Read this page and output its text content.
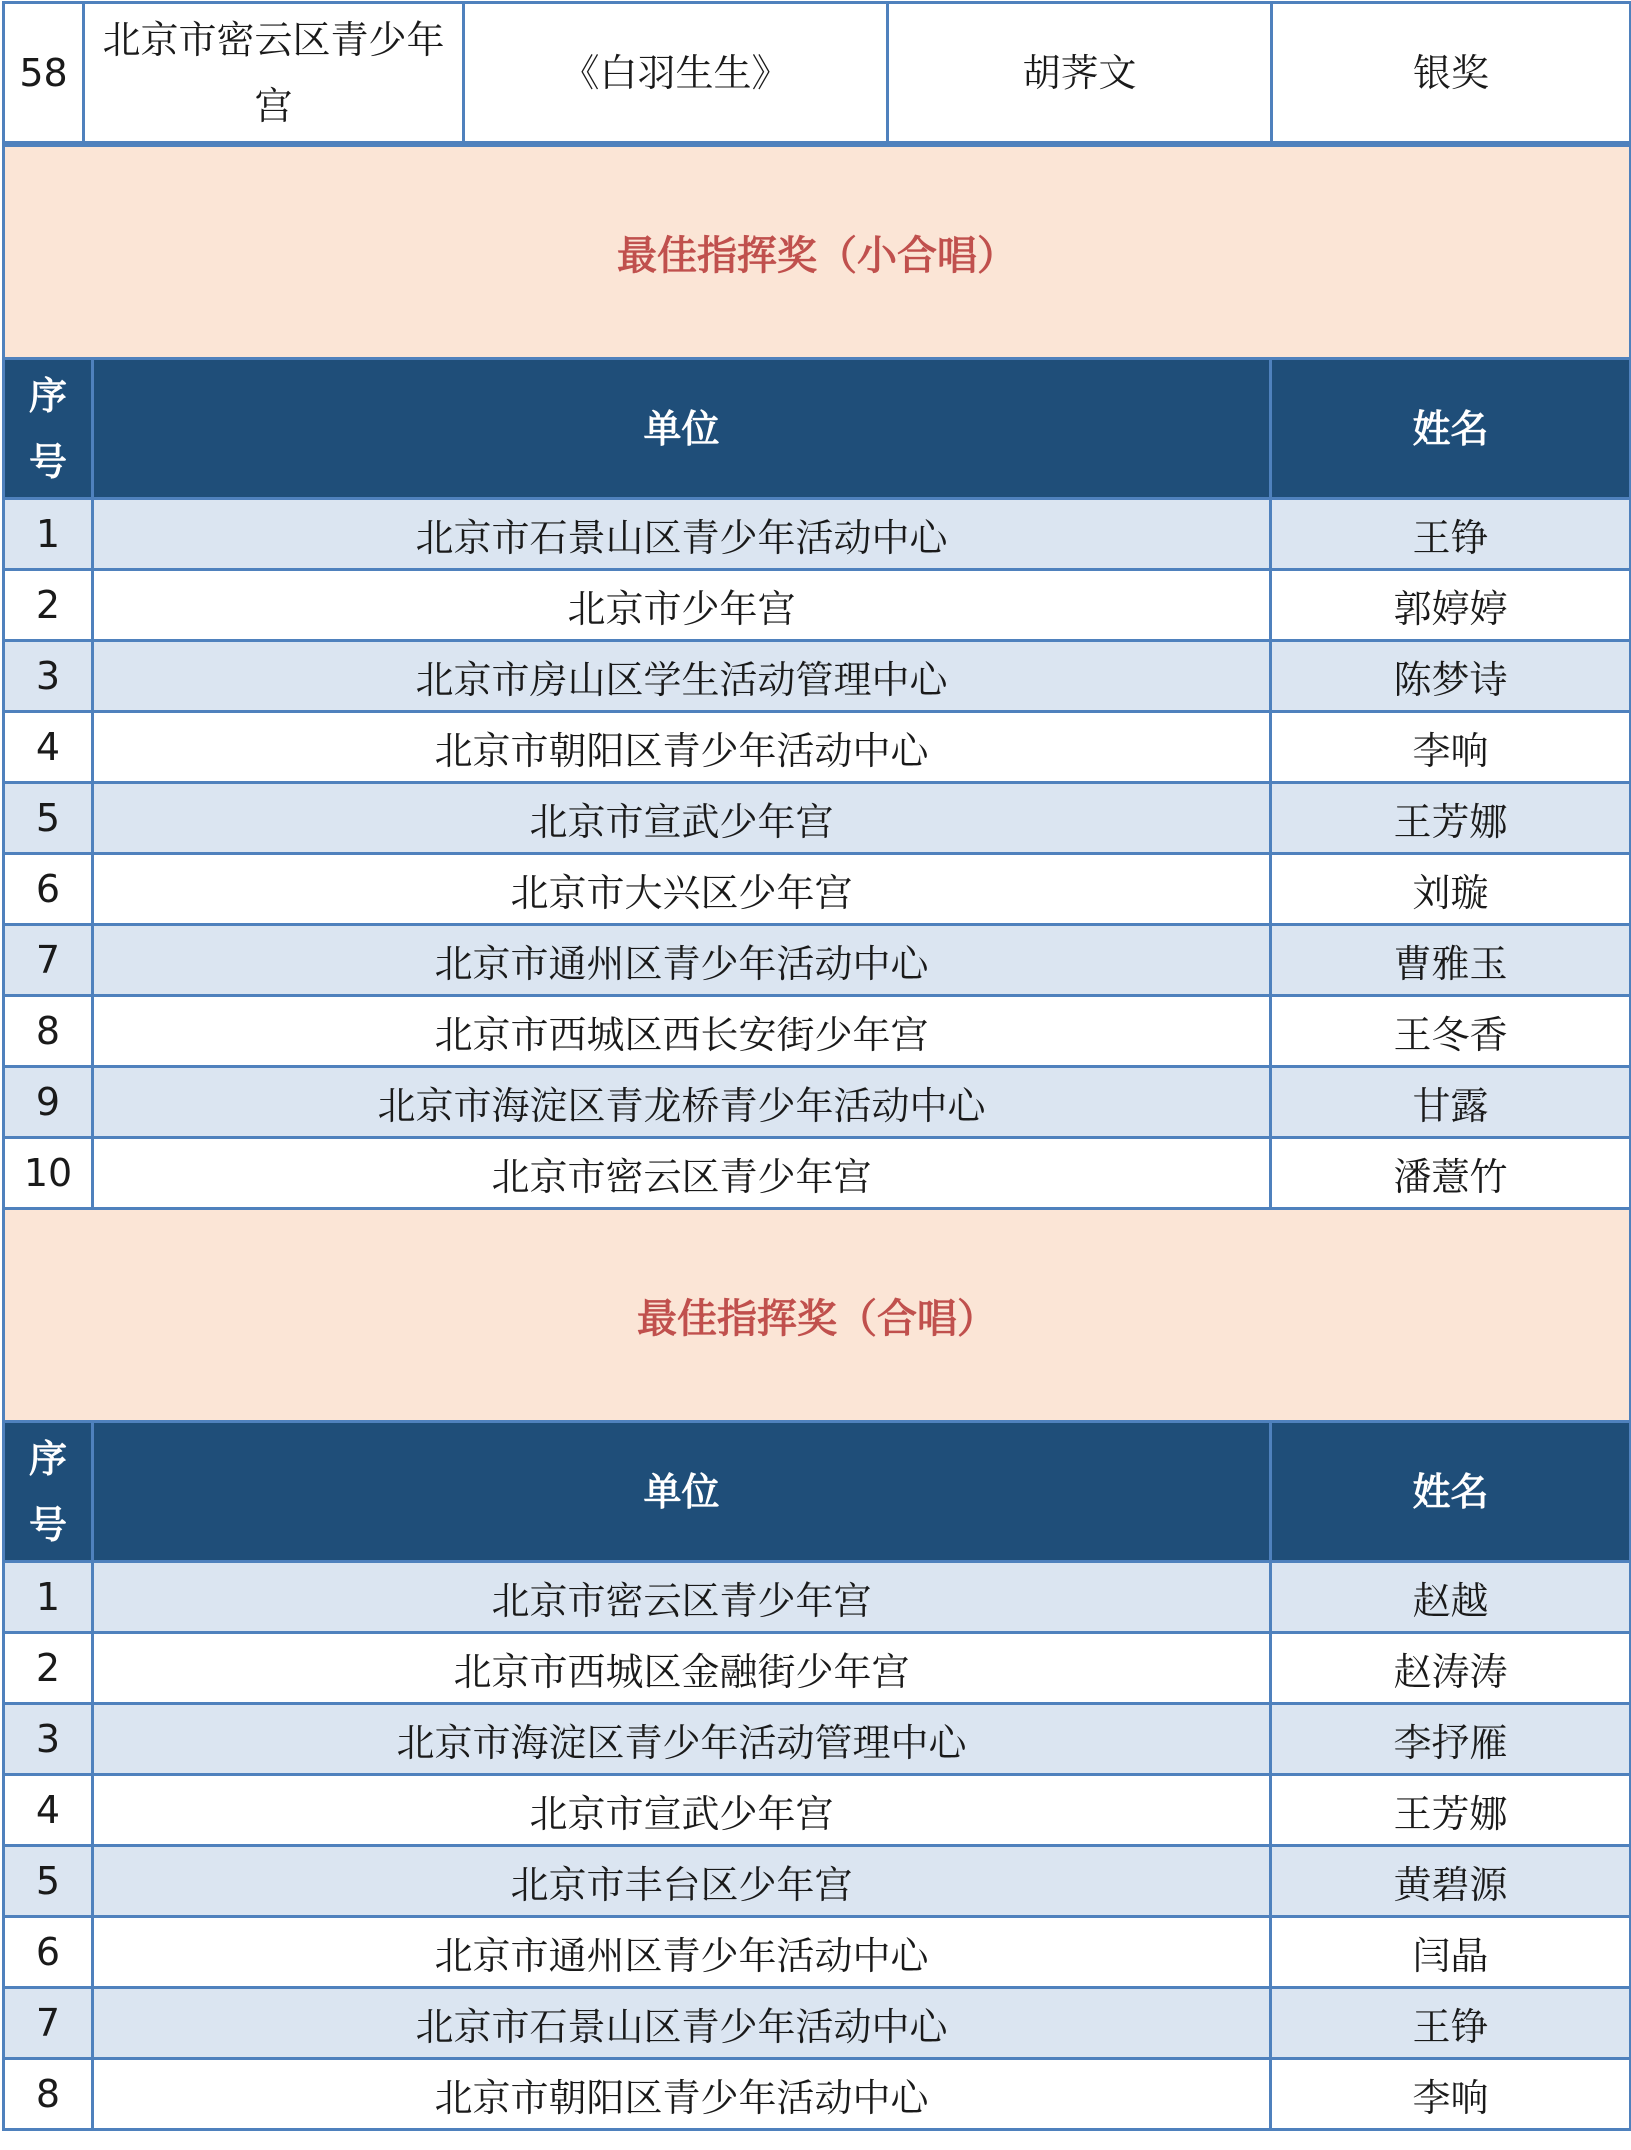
58	北京市密云区青少年宫	《白羽生生》	胡荠文	银奖
最佳指挥奖（小合唱）		
序号	单位	姓名
1	北京市石景山区青少年活动中心	王铮
2	北京市少年宫	郭婷婷
3	北京市房山区学生活动管理中心	陈梦诗
4	北京市朝阳区青少年活动中心	李响
5	北京市宣武少年宫	王芳娜
6	北京市大兴区少年宫	刘璇
7	北京市通州区青少年活动中心	曹雅玉
8	北京市西城区西长安街少年宫	王冬香
9	北京市海淀区青龙桥青少年活动中心	甘露
10	北京市密云区青少年宫	潘薏竹
最佳指挥奖（合唱）		
序号	单位	姓名
1	北京市密云区青少年宫	赵越
2	北京市西城区金融街少年宫	赵涛涛
3	北京市海淀区青少年活动管理中心	李抒雁
4	北京市宣武少年宫	王芳娜
5	北京市丰台区少年宫	黄碧源
6	北京市通州区青少年活动中心	闫晶
7	北京市石景山区青少年活动中心	王铮
8	北京市朝阳区青少年活动中心	李响
